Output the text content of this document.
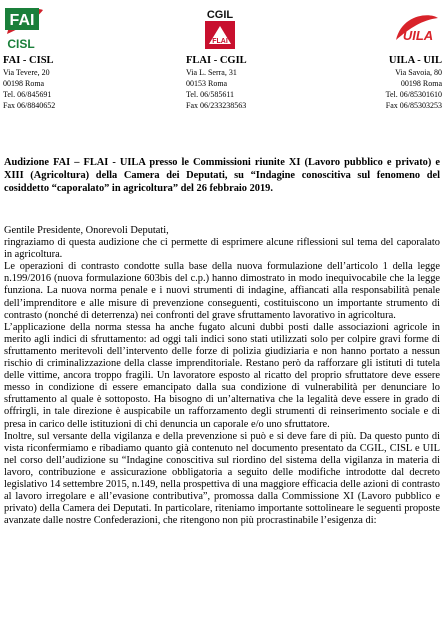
FAI
CISL
CGIL
FLAI	UILA
FAI - CISL
Via Tevere, 20
00198 Roma
Tel. 06/845691
Fax 06/8840652
FLAI - CGIL
Via L. Serra, 31
00153 Roma
Tel. 06/585611
Fax 06/233238563
UILA - UIL
Via Savoia, 80
00198 Roma
Tel. 06/85301610
Fax 06/85303253
Audizione FAI – FLAI - UILA presso le Commissioni riunite XI (Lavoro pubblico e privato) e XIII (Agricoltura) della Camera dei Deputati, su “Indagine conoscitiva sul fenomeno del cosiddetto “caporalato” in agricoltura” del 26 febbraio 2019.

Gentile Presidente, Onorevoli Deputati,

ringraziamo di questa audizione che ci permette di esprimere alcune riflessioni sul tema del caporalato in agricoltura.

Le operazioni di contrasto condotte sulla base della nuova formulazione dell’articolo 1 della legge n.199/2016 (nuova formulazione 603bis del c.p.) hanno dimostrato in modo inequivocabile che la legge funziona. La nuova norma penale e i nuovi strumenti di indagine, affiancati alla responsabilità penale dell’imprenditore e alle misure di prevenzione conseguenti, costituiscono un importante strumento di contrasto (nonché di deterrenza) nei confronti del grave sfruttamento lavorativo in agricoltura.

L’applicazione della norma stessa ha anche fugato alcuni dubbi posti dalle associazioni agricole in merito agli indici di sfruttamento: ad oggi tali indici sono stati utilizzati solo per colpire gravi forme di sfruttamento meritevoli dell’intervento delle forze di polizia giudiziaria e non hanno portato a nessun rischio di criminalizzazione della classe imprenditoriale. Restano però da rafforzare gli istituti di tutela delle vittime, ancora troppo fragili. Un lavoratore esposto al ricatto del proprio sfruttatore deve essere messo in condizione di essere emancipato dalla sua condizione di vulnerabilità per denunciare lo sfruttamento al quale è sottoposto. Ha bisogno di un’alternativa che la legalità deve essere in grado di offrirgli, in tale direzione è auspicabile un rafforzamento degli strumenti di reinserimento sociale e di presa in carico delle istituzioni di chi denuncia un caporale e/o uno sfruttatore.

Inoltre, sul versante della vigilanza e della prevenzione si può e si deve fare di più. Da questo punto di vista riconfermiamo e ribadiamo quanto già contenuto nel documento presentato da CGIL, CISL e UIL nel corso dell’audizione su “Indagine conoscitiva sul riordino del sistema della vigilanza in materia di lavoro, contribuzione e assicurazione obbligatoria a seguito delle modifiche introdotte dal decreto legislativo 14 settembre 2015, n.149, nella prospettiva di una maggiore efficacia delle azioni di contrasto al lavoro irregolare e all’evasione contributiva”, promossa dalla Commissione XI (Lavoro pubblico e privato) della Camera dei Deputati. In particolare, riteniamo importante sottolineare le seguenti proposte avanzate dalle nostre Confederazioni, che ritengono non più procrastinabile l’esigenza di:
